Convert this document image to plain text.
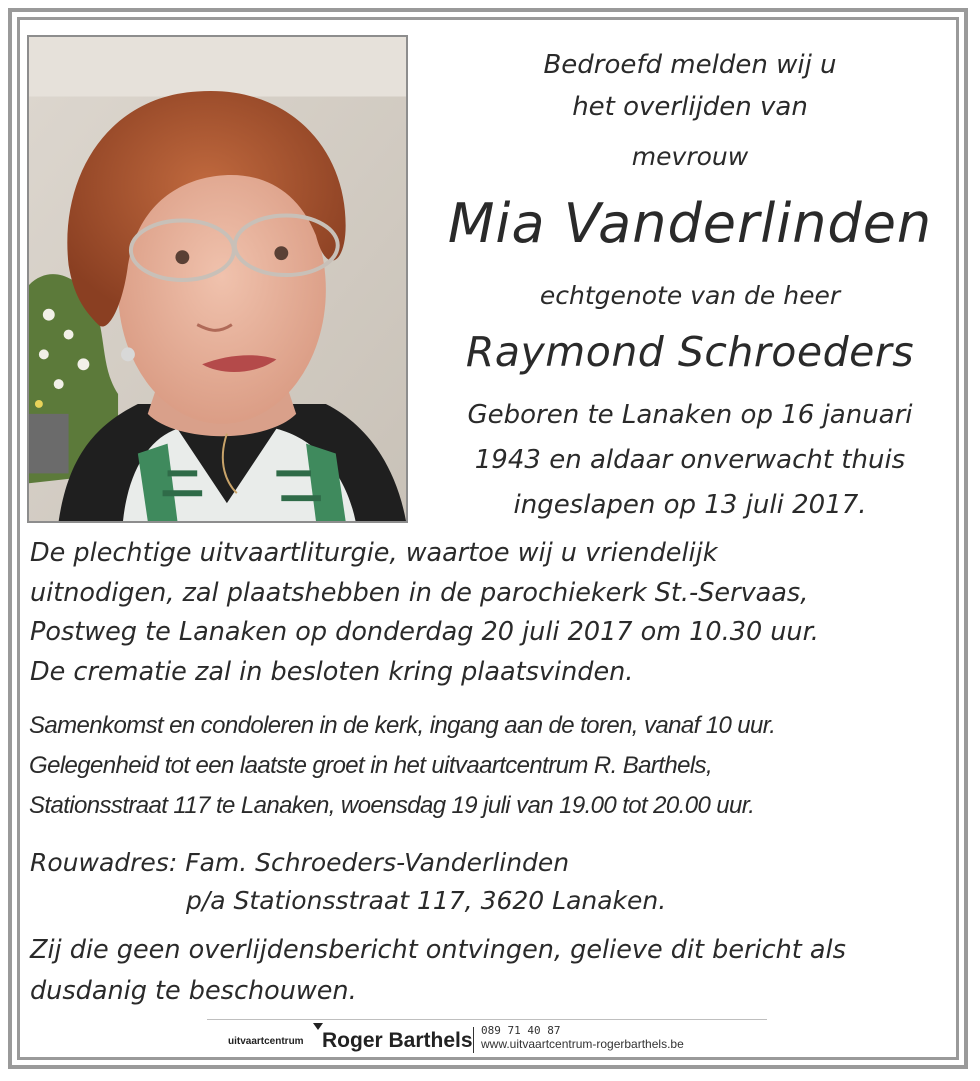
Bedroefd melden wij u
het overlijden van
mevrouw
Mia Vanderlinden
echtgenote van de heer
Raymond Schroeders
Geboren te Lanaken op 16 januari
1943 en aldaar onverwacht thuis
ingeslapen op 13 juli 2017.
De plechtige uitvaartliturgie, waartoe wij u vriendelijk
uitnodigen, zal plaatshebben in de parochiekerk St.-Servaas,
Postweg te Lanaken op donderdag 20 juli 2017 om 10.30 uur.
De crematie zal in besloten kring plaatsvinden.
Samenkomst en condoleren in de kerk, ingang aan de toren, vanaf 10 uur.
Gelegenheid tot een laatste groet in het uitvaartcentrum R. Barthels,
Stationsstraat 117 te Lanaken, woensdag 19 juli van 19.00 tot 20.00 uur.
Rouwadres: Fam. Schroeders-Vanderlinden
p/a Stationsstraat 117, 3620 Lanaken.
Zij die geen overlijdensbericht ontvingen, gelieve dit bericht als
dusdanig te beschouwen.
uitvaartcentrum Roger Barthels 089 71 40 87
www.uitvaartcentrum-rogerbarthels.be
